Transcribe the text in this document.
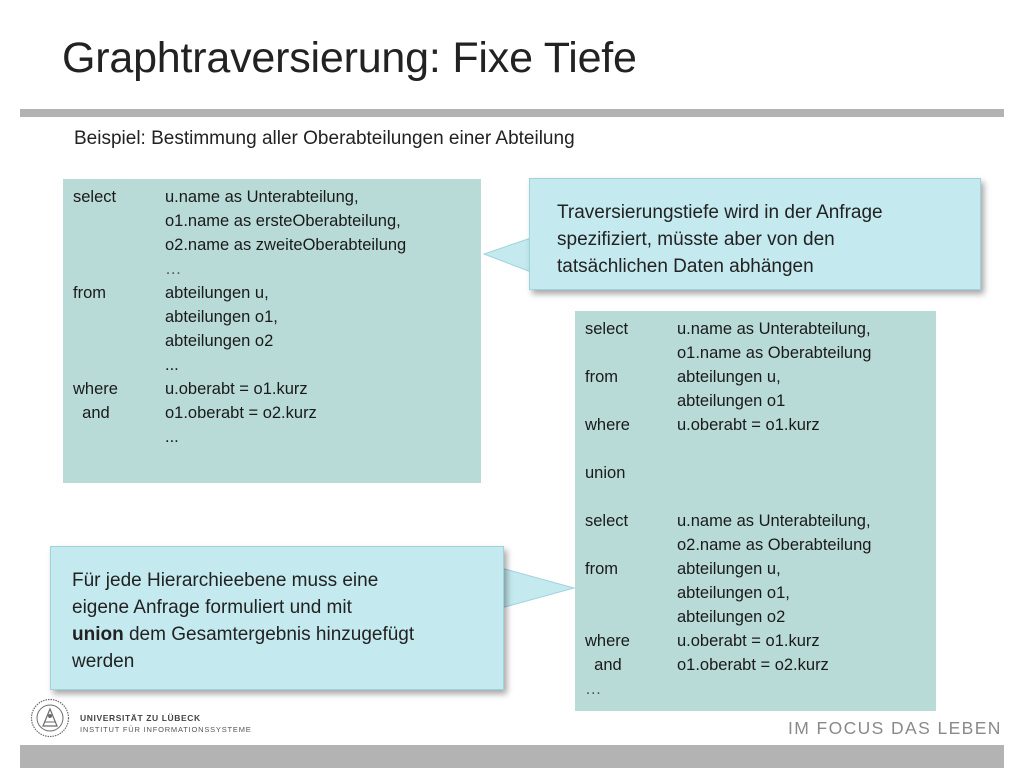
Graphtraversierung: Fixe Tiefe
Beispiel: Bestimmung aller Oberabteilungen einer Abteilung
select	u.name as Unterabteilung,
o1.name as ersteOberabteilung,
o2.name as zweiteOberabteilung
…
from	abteilungen u,
abteilungen o1,
abteilungen o2
...
where	u.oberabt = o1.kurz
and	o1.oberabt = o2.kurz
...
select	u.name as Unterabteilung,
o1.name as Oberabteilung
from	abteilungen u,
abteilungen o1
where	u.oberabt = o1.kurz
union
select	u.name as Unterabteilung,
o2.name as Oberabteilung
from	abteilungen u,
abteilungen o1,
abteilungen o2
where	u.oberabt = o1.kurz
and	o1.oberabt = o2.kurz
…
Traversierungstiefe wird in der Anfrage
spezifiziert, müsste aber von den
tatsächlichen Daten abhängen
Für jede Hierarchieebene muss eine
eigene Anfrage formuliert und mit
union dem Gesamtergebnis hinzugefügt
werden
UNIVERSITÄT ZU LÜBECK
INSTITUT FÜR INFORMATIONSSYSTEME	IM FOCUS DAS LEBEN
